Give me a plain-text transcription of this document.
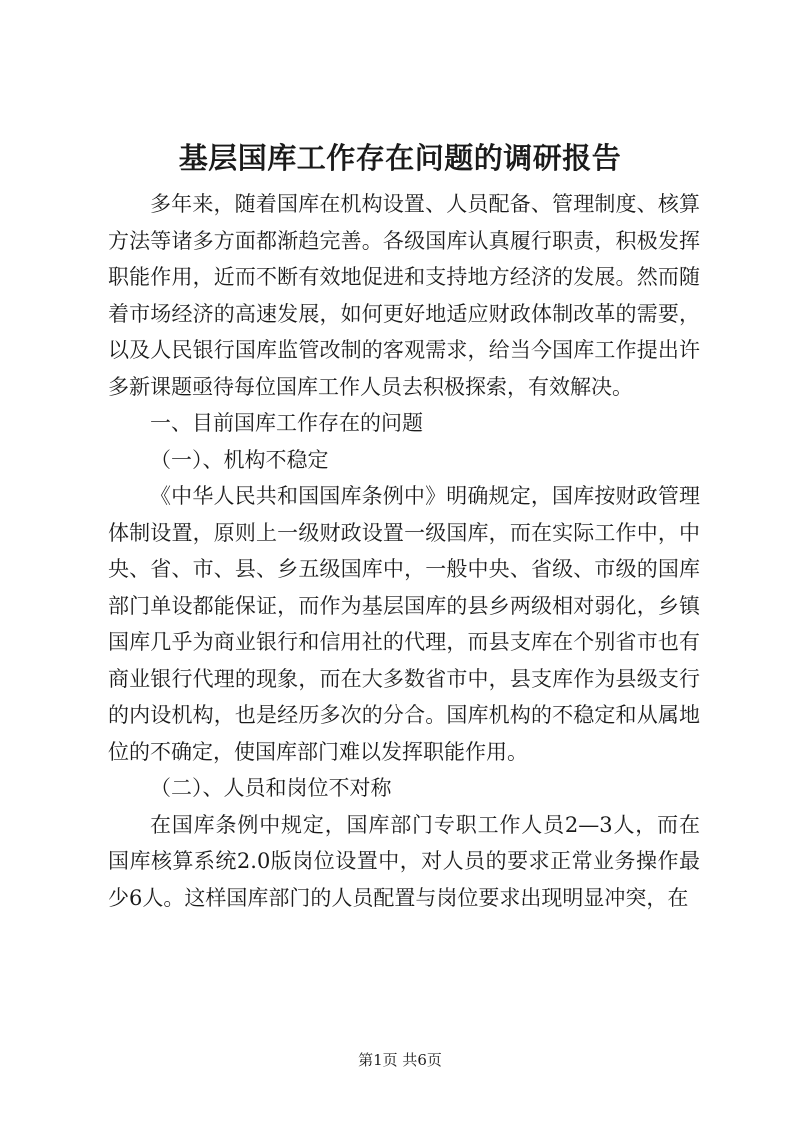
基层国库工作存在问题的调研报告

多年来，随着国库在机构设置、人员配备、管理制度、核算方法等诸多方面都渐趋完善。各级国库认真履行职责，积极发挥职能作用，近而不断有效地促进和支持地方经济的发展。然而随着市场经济的高速发展，如何更好地适应财政体制改革的需要，以及人民银行国库监管改制的客观需求，给当今国库工作提出许多新课题亟待每位国库工作人员去积极探索，有效解决。

一、目前国库工作存在的问题

（一）、机构不稳定

《中华人民共和国国库条例中》明确规定，国库按财政管理体制设置，原则上一级财政设置一级国库，而在实际工作中，中央、省、市、县、乡五级国库中，一般中央、省级、市级的国库部门单设都能保证，而作为基层国库的县乡两级相对弱化，乡镇国库几乎为商业银行和信用社的代理，而县支库在个别省市也有商业银行代理的现象，而在大多数省市中，县支库作为县级支行的内设机构，也是经历多次的分合。国库机构的不稳定和从属地位的不确定，使国库部门难以发挥职能作用。

（二）、人员和岗位不对称

在国库条例中规定，国库部门专职工作人员2—3人，而在国库核算系统2.0版岗位设置中，对人员的要求正常业务操作最少6人。这样国库部门的人员配置与岗位要求出现明显冲突，在

第1页 共6页
